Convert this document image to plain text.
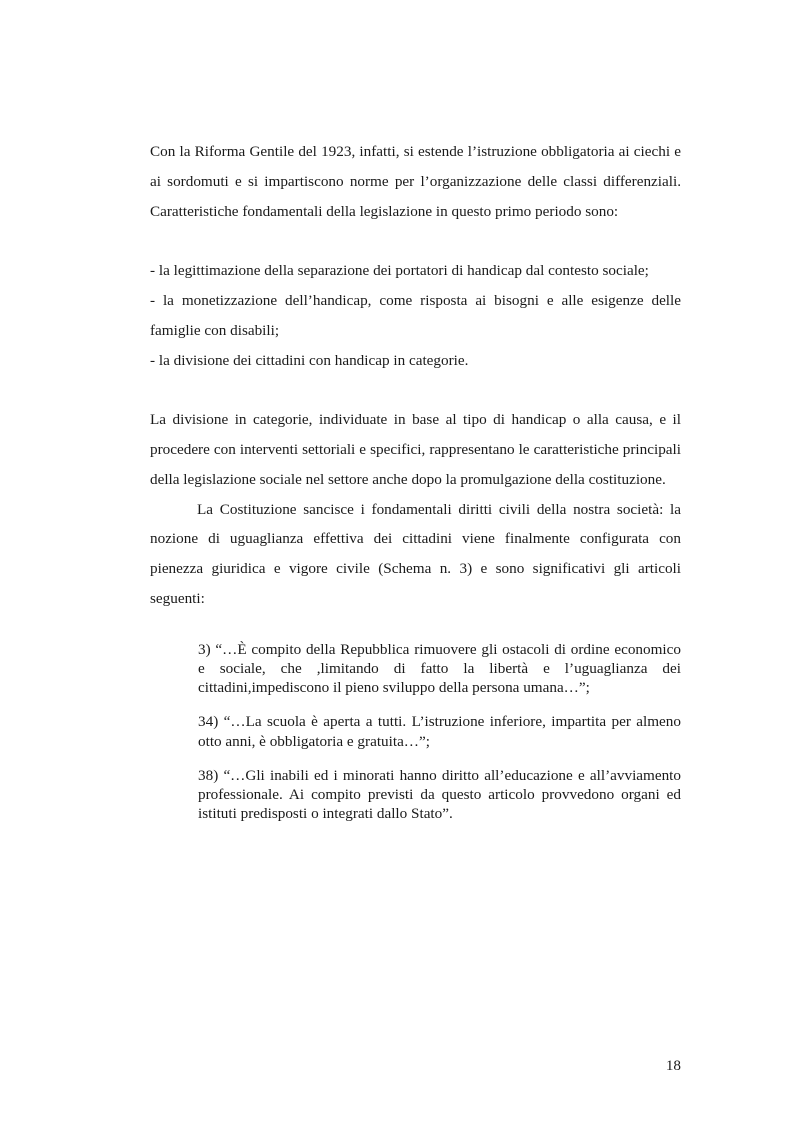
Con la Riforma Gentile del 1923, infatti, si estende l’istruzione obbligatoria ai ciechi e ai sordomuti e si impartiscono norme per l’organizzazione delle classi differenziali. Caratteristiche fondamentali della legislazione in questo primo periodo sono:

- la legittimazione della separazione dei portatori di handicap dal contesto sociale;

- la monetizzazione dell’handicap, come risposta ai bisogni e alle esigenze delle famiglie con disabili;

- la divisione dei cittadini con handicap in categorie.

La divisione in categorie, individuate in base al tipo di handicap o alla causa, e il procedere con interventi settoriali e specifici, rappresentano le caratteristiche principali della legislazione sociale nel settore anche dopo la promulgazione della costituzione.

La Costituzione sancisce i fondamentali diritti civili della nostra società: la nozione di uguaglianza effettiva dei cittadini viene finalmente configurata con pienezza giuridica e vigore civile (Schema n. 3) e sono significativi gli articoli seguenti:

3) “…È compito della Repubblica rimuovere gli ostacoli di ordine economico e sociale, che ,limitando di fatto la libertà e l’uguaglianza dei cittadini,impediscono il pieno sviluppo della persona umana…”;

34) “…La scuola è aperta a tutti. L’istruzione inferiore, impartita per almeno otto anni, è obbligatoria e gratuita…”;

38) “…Gli inabili ed i minorati hanno diritto all’educazione e all’avviamento professionale. Ai compito previsti da questo articolo provvedono organi ed istituti predisposti o integrati dallo Stato”.

18
